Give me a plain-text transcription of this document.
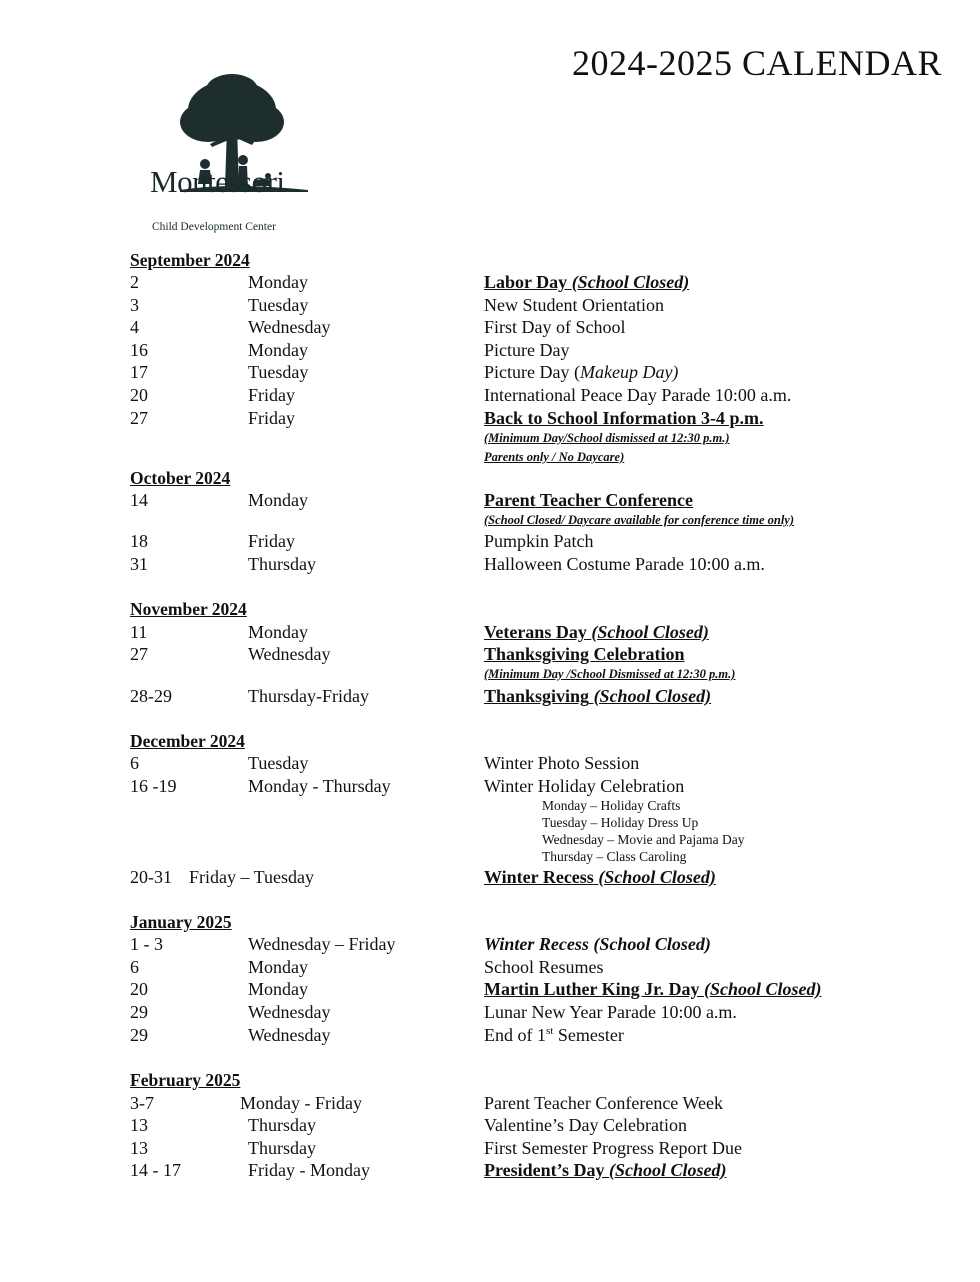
2024-2025 CALENDAR
Montessori
Child Development Center
September 2024
2	Monday	Labor Day (School Closed)
3	Tuesday	New Student Orientation
4	Wednesday	First Day of School
16	Monday	Picture Day
17	Tuesday	Picture Day (Makeup Day)
20	Friday	International Peace Day Parade 10:00 a.m.
27	Friday	Back to School Information 3-4 p.m.
(Minimum Day/School dismissed at 12:30 p.m.)
Parents only / No Daycare)
October 2024
14	Monday	Parent Teacher Conference
(School Closed/ Daycare available for conference time only)
18	Friday	Pumpkin Patch
31	Thursday	Halloween Costume Parade 10:00 a.m.
November 2024
11	Monday	Veterans Day (School Closed)
27	Wednesday	Thanksgiving Celebration
(Minimum Day /School Dismissed at 12:30 p.m.)
28-29	Thursday-Friday	Thanksgiving (School Closed)
December 2024
6	Tuesday	Winter Photo Session
16 -19	Monday - Thursday	Winter Holiday Celebration
Monday – Holiday Crafts
Tuesday – Holiday Dress Up
Wednesday – Movie and Pajama Day
Thursday – Class Caroling
20-31 Friday – Tuesday	Winter Recess (School Closed)
January 2025
1 - 3	Wednesday – Friday	Winter Recess (School Closed)
6	Monday	School Resumes
20	Monday	Martin Luther King Jr. Day (School Closed)
29	Wednesday	Lunar New Year Parade 10:00 a.m.
29	Wednesday	End of 1st Semester
February 2025
3-7	Monday - Friday	Parent Teacher Conference Week
13	Thursday	Valentine’s Day Celebration
13	Thursday	First Semester Progress Report Due
14 - 17	Friday - Monday	President’s Day (School Closed)
